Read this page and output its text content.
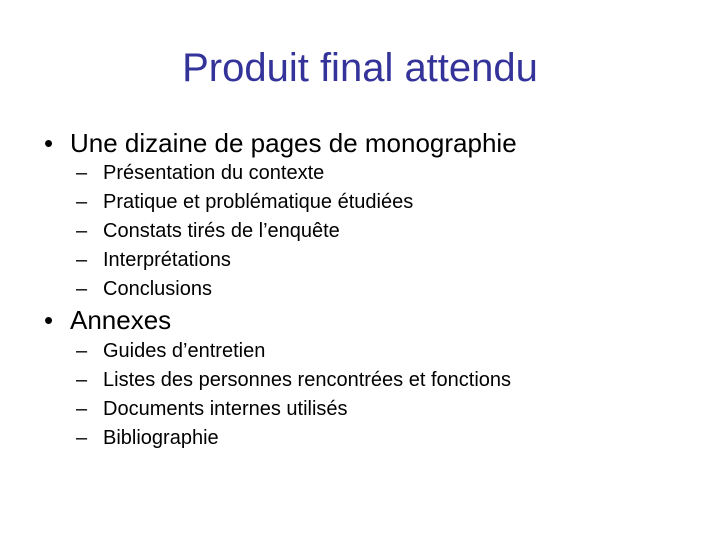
Produit final attendu
• Une dizaine de pages de monographie
– Présentation du contexte
– Pratique et problématique étudiées
– Constats tirés de l’enquête
– Interprétations
– Conclusions
• Annexes
– Guides d’entretien
– Listes des personnes rencontrées et fonctions
– Documents internes utilisés
– Bibliographie
